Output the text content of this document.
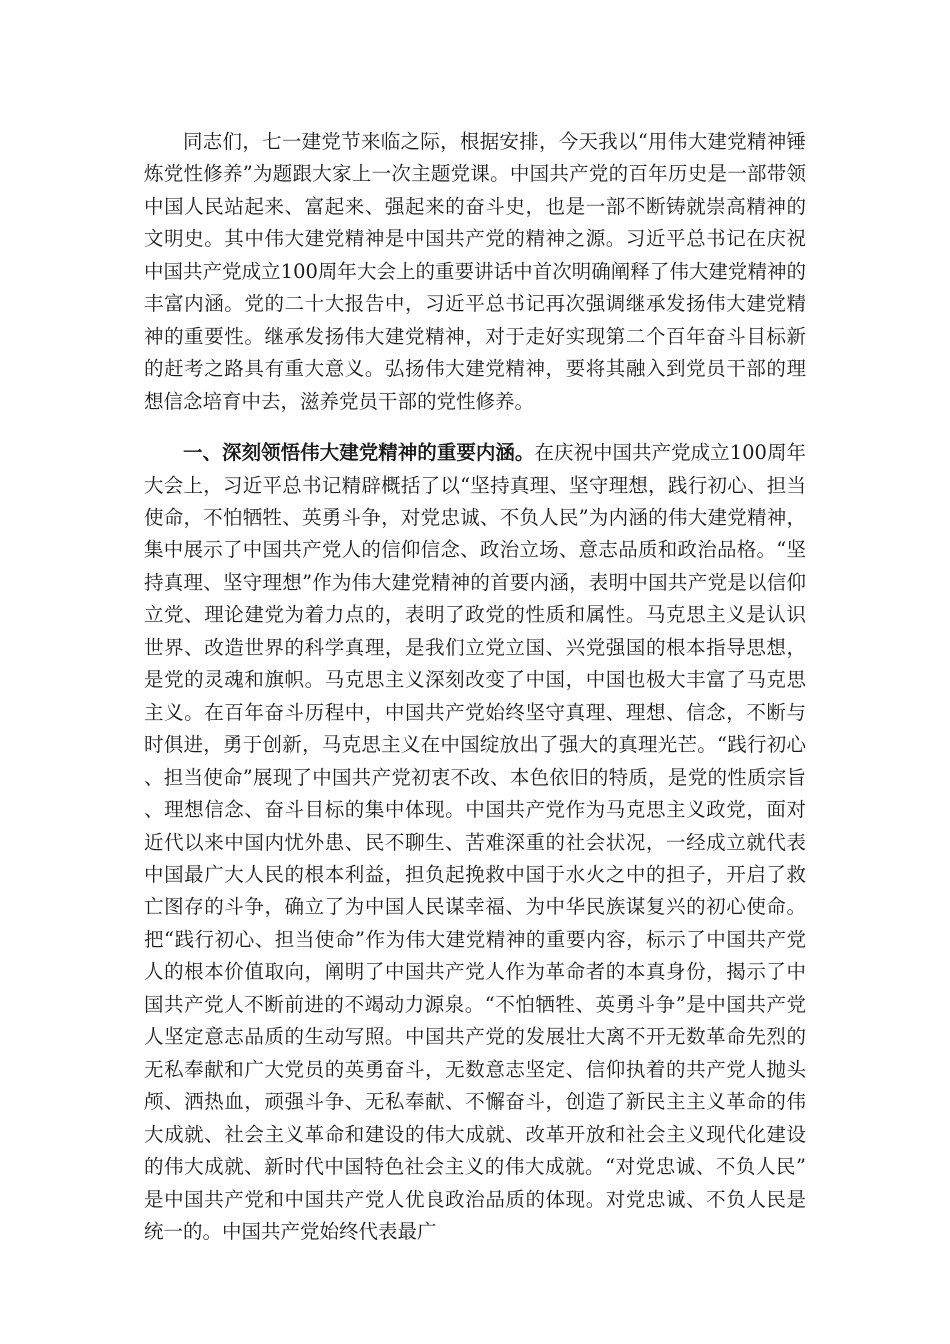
同志们，七一建党节来临之际，根据安排，今天我以“用伟大建党精神锤炼党性修养”为题跟大家上一次主题党课。中国共产党的百年历史是一部带领中国人民站起来、富起来、强起来的奋斗史，也是一部不断铸就崇高精神的文明史。其中伟大建党精神是中国共产党的精神之源。习近平总书记在庆祝中国共产党成立100周年大会上的重要讲话中首次明确阐释了伟大建党精神的丰富内涵。党的二十大报告中，习近平总书记再次强调继承发扬伟大建党精神的重要性。继承发扬伟大建党精神，对于走好实现第二个百年奋斗目标新的赶考之路具有重大意义。弘扬伟大建党精神，要将其融入到党员干部的理想信念培育中去，滋养党员干部的党性修养。

一、深刻领悟伟大建党精神的重要内涵。在庆祝中国共产党成立100周年大会上，习近平总书记精辟概括了以“坚持真理、坚守理想，践行初心、担当使命，不怕牺牲、英勇斗争，对党忠诚、不负人民”为内涵的伟大建党精神，集中展示了中国共产党人的信仰信念、政治立场、意志品质和政治品格。“坚持真理、坚守理想”作为伟大建党精神的首要内涵，表明中国共产党是以信仰立党、理论建党为着力点的，表明了政党的性质和属性。马克思主义是认识世界、改造世界的科学真理，是我们立党立国、兴党强国的根本指导思想，是党的灵魂和旗帜。马克思主义深刻改变了中国，中国也极大丰富了马克思主义。在百年奋斗历程中，中国共产党始终坚守真理、理想、信念，不断与时俱进，勇于创新，马克思主义在中国绽放出了强大的真理光芒。“践行初心、担当使命”展现了中国共产党初衷不改、本色依旧的特质，是党的性质宗旨、理想信念、奋斗目标的集中体现。中国共产党作为马克思主义政党，面对近代以来中国内忧外患、民不聊生、苦难深重的社会状况，一经成立就代表中国最广大人民的根本利益，担负起挽救中国于水火之中的担子，开启了救亡图存的斗争，确立了为中国人民谋幸福、为中华民族谋复兴的初心使命。把“践行初心、担当使命”作为伟大建党精神的重要内容，标示了中国共产党人的根本价值取向，阐明了中国共产党人作为革命者的本真身份，揭示了中国共产党人不断前进的不竭动力源泉。“不怕牺牲、英勇斗争”是中国共产党人坚定意志品质的生动写照。中国共产党的发展壮大离不开无数革命先烈的无私奉献和广大党员的英勇奋斗，无数意志坚定、信仰执着的共产党人抛头颅、洒热血，顽强斗争、无私奉献、不懈奋斗，创造了新民主主义革命的伟大成就、社会主义革命和建设的伟大成就、改革开放和社会主义现代化建设的伟大成就、新时代中国特色社会主义的伟大成就。“对党忠诚、不负人民”是中国共产党和中国共产党人优良政治品质的体现。对党忠诚、不负人民是统一的。中国共产党始终代表最广
